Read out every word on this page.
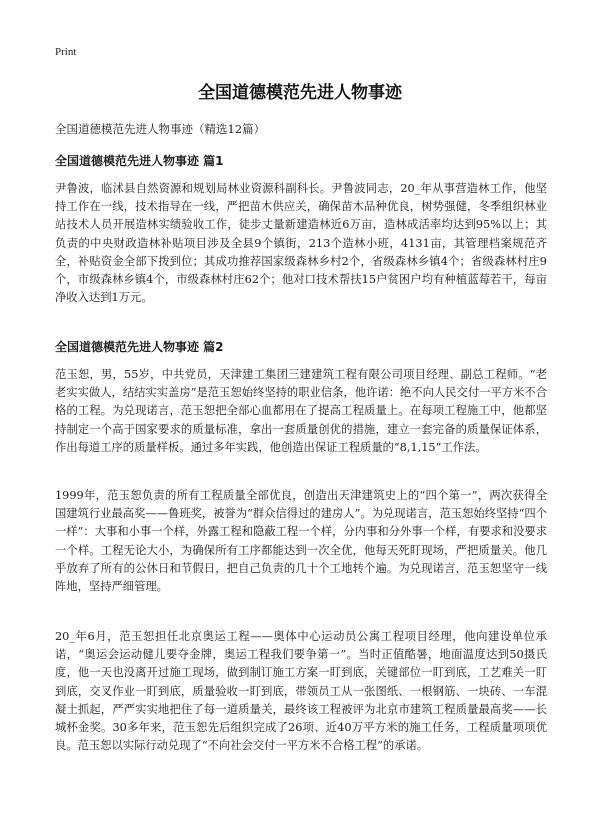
Print
全国道德模范先进人物事迹
全国道德模范先进人物事迹（精选12篇）
全国道德模范先进人物事迹 篇1

尹鲁波，临沭县自然资源和规划局林业资源科副科长。尹鲁波同志，20_年从事营造林工作，他坚持工作在一线，技术指导在一线，严把苗木供应关，确保苗木品种优良，树势强健，冬季组织林业站技术人员开展造林实绩验收工作，徒步丈量新建造林近6万亩，造林成活率均达到95%以上；其负责的中央财政造林补贴项目涉及全县9个镇街，213个造林小班，4131亩，其管理档案规范齐全，补贴资金全部下拨到位；其成功推荐国家级森林乡村2个，省级森林乡镇4个；省级森林村庄9个，市级森林乡镇4个，市级森林村庄62个；他对口技术帮扶15户贫困户均有种植蓝莓若干，每亩净收入达到1万元。

全国道德模范先进人物事迹 篇2

范玉恕，男，55岁，中共党员，天津建工集团三建建筑工程有限公司项目经理、副总工程师。“老老实实做人，结结实实盖房”是范玉恕始终坚持的职业信条，他许诺：绝不向人民交付一平方米不合格的工程。为兑现诺言，范玉恕把全部心血都用在了提高工程质量上。在每项工程施工中，他都坚持制定一个高于国家要求的质量标准，拿出一套质量创优的措施，建立一套完备的质量保证体系，作出每道工序的质量样板。通过多年实践，他创造出保证工程质量的“8,1,15”工作法。

1999年，范玉恕负责的所有工程质量全部优良，创造出天津建筑史上的“四个第一”，两次获得全国建筑行业最高奖——鲁班奖，被誉为“群众信得过的建房人”。为兑现诺言，范玉恕始终坚持“四个一样”：大事和小事一个样，外露工程和隐蔽工程一个样，分内事和分外事一个样，有要求和没要求一个样。工程无论大小，为确保所有工序都能达到一次全优，他每天死盯现场，严把质量关。他几乎放弃了所有的公休日和节假日，把自己负责的几十个工地转个遍。为兑现诺言，范玉恕坚守一线阵地，坚持严细管理。

20_年6月，范玉恕担任北京奥运工程——奥体中心运动员公寓工程项目经理，他向建设单位承诺，“奥运会运动健儿要夺金牌，奥运工程我们要争第一”。当时正值酷暑，地面温度达到50摄氏度，他一天也没离开过施工现场，做到制订施工方案一盯到底，关键部位一盯到底，工艺难关一盯到底，交叉作业一盯到底，质量验收一盯到底，带领员工从一张图纸、一根钢筋、一块砖、一车混凝土抓起，严严实实地把住了每一道质量关，最终该工程被评为北京市建筑工程质量最高奖——长城杯金奖。30多年来，范玉恕先后组织完成了26项、近40万平方米的施工任务，工程质量项项优良。范玉恕以实际行动兑现了“不向社会交付一平方米不合格工程”的承诺。
